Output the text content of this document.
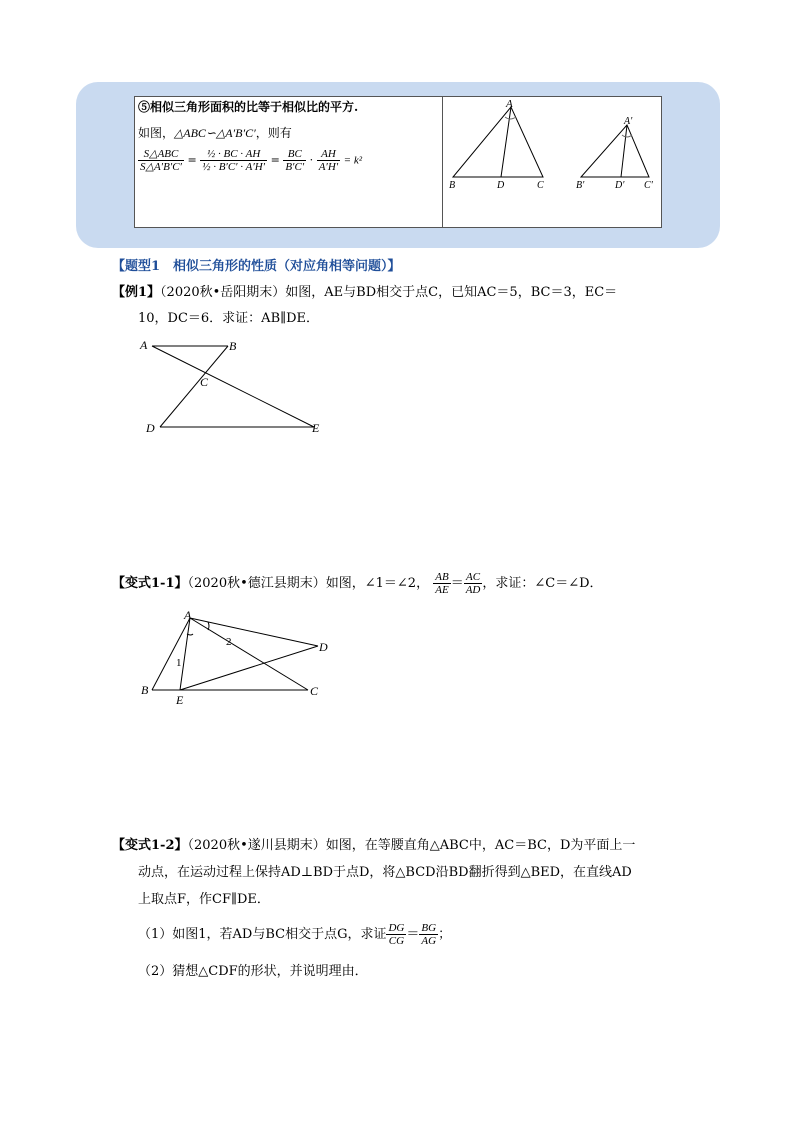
⑤相似三角形面积的比等于相似比的平方.
如图，△ABC∽△A′B′C′，则有
$\frac{\text{S△ABC}}{S\triangle A'B'C'} = \frac{\text{½ · BC · AH}}{\text{½ · B′C′ · A′H′}} = \frac{BC}{B'C'} \cdot \frac{AH}{A'H'} = k^2$
A
B	D	C
A'
B'	D' C'
【题型1　相似三角形的性质（对应角相等问题）】
【例1】（2020秋•岳阳期末）如图，AE与BD相交于点C，已知AC＝5，BC＝3，EC＝
10，DC＝6．求证：AB∥DE．
A	B
C
D	E
【变式1-1】（2020秋•德江县期末）如图，∠1＝∠2， $\frac{AB}{AE} = \frac{AC}{AD}$ ，求证：∠C＝∠D．
A
B	C
D
E
1
2
【变式1-2】（2020秋•遂川县期末）如图，在等腰直角△ABC中，AC＝BC，D为平面上一
动点，在运动过程上保持AD⊥BD于点D，将△BCD沿BD翻折得到△BED，在直线AD
上取点F，作CF∥DE．
（1）如图1，若AD与BC相交于点G，求证 $\frac{DG}{CG} = \frac{BG}{AG}$ ；
（2）猜想△CDF的形状，并说明理由．
